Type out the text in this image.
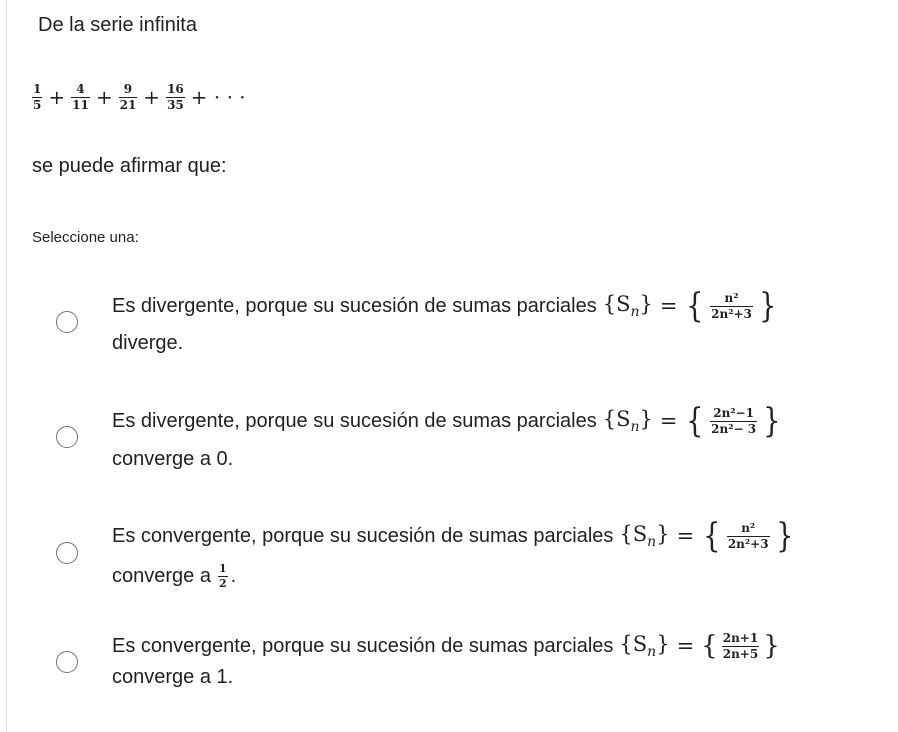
De la serie infinita
$\frac{1}{5} + \frac{4}{11} + \frac{9}{21} + \frac{16}{35}$ + · · ·
se puede afirmar que:
Seleccione una:
Es divergente, porque su sucesión de sumas parciales $\{S_n\}$ = { $\frac{\text{n²}}{\text{2n²+3}}$ }
diverge.
Es divergente, porque su sucesión de sumas parciales $\{S_n\}$ = { $\frac{\text{2n²−1}}{\text{2n²− 3}}$ }
converge a 0.
Es convergente, porque su sucesión de sumas parciales $\{S_n\}$ = { $\frac{\text{n²}}{\text{2n²+3}}$ }
converge a $\frac{1}{2}$ .
Es convergente, porque su sucesión de sumas parciales $\{S_n\}$ = { $\frac{2n+1}{2n+5}$ }
converge a 1.
